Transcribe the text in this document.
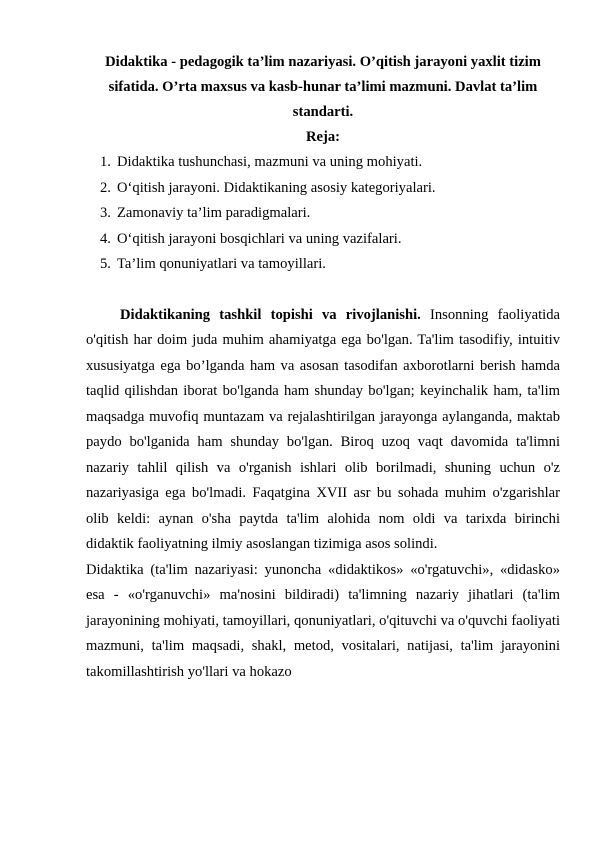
Didaktika - pedagogik ta’lim nazariyasi. O’qitish jarayoni yaxlit tizim sifatida. O’rta maxsus va kasb-hunar ta’limi mazmuni. Davlat ta’lim standarti.
Reja:
1. Didaktika tushunchasi, mazmuni va uning mohiyati.
2. O‘qitish jarayoni. Didaktikaning asosiy kategoriyalari.
3. Zamonaviy ta’lim paradigmalari.
4. O‘qitish jarayoni bosqichlari va uning vazifalari.
5. Ta’lim qonuniyatlari va tamoyillari.

Didaktikaning tashkil topishi va rivojlanishi. Insonning faoliyatida o'qitish har doim juda muhim ahamiyatga ega bo'lgan. Ta'lim tasodifiy, intuitiv xususiyatga ega bo’lganda ham va asosan tasodifan axborotlarni berish hamda taqlid qilishdan iborat bo'lganda ham shunday bo'lgan; keyinchalik ham, ta'lim maqsadga muvofiq muntazam va rejalashtirilgan jarayonga aylanganda, maktab paydo bo'lganida ham shunday bo'lgan. Biroq uzoq vaqt davomida ta'limni nazariy tahlil qilish va o'rganish ishlari olib borilmadi, shuning uchun o'z nazariyasiga ega bo'lmadi. Faqatgina XVII asr bu sohada muhim o'zgarishlar olib keldi: aynan o'sha paytda ta'lim alohida nom oldi va tarixda birinchi didaktik faoliyatning ilmiy asoslangan tizimiga asos solindi.

Didaktika (ta'lim nazariyasi: yunoncha «didaktikos» «o'rgatuvchi», «didasko» esa - «o'rganuvchi» ma'nosini bildiradi) ta'limning nazariy jihatlari (ta'lim jarayonining mohiyati, tamoyillari, qonuniyatlari, o'qituvchi va o'quvchi faoliyati mazmuni, ta'lim maqsadi, shakl, metod, vositalari, natijasi, ta'lim jarayonini takomillashtirish yo'llari va hokazo
